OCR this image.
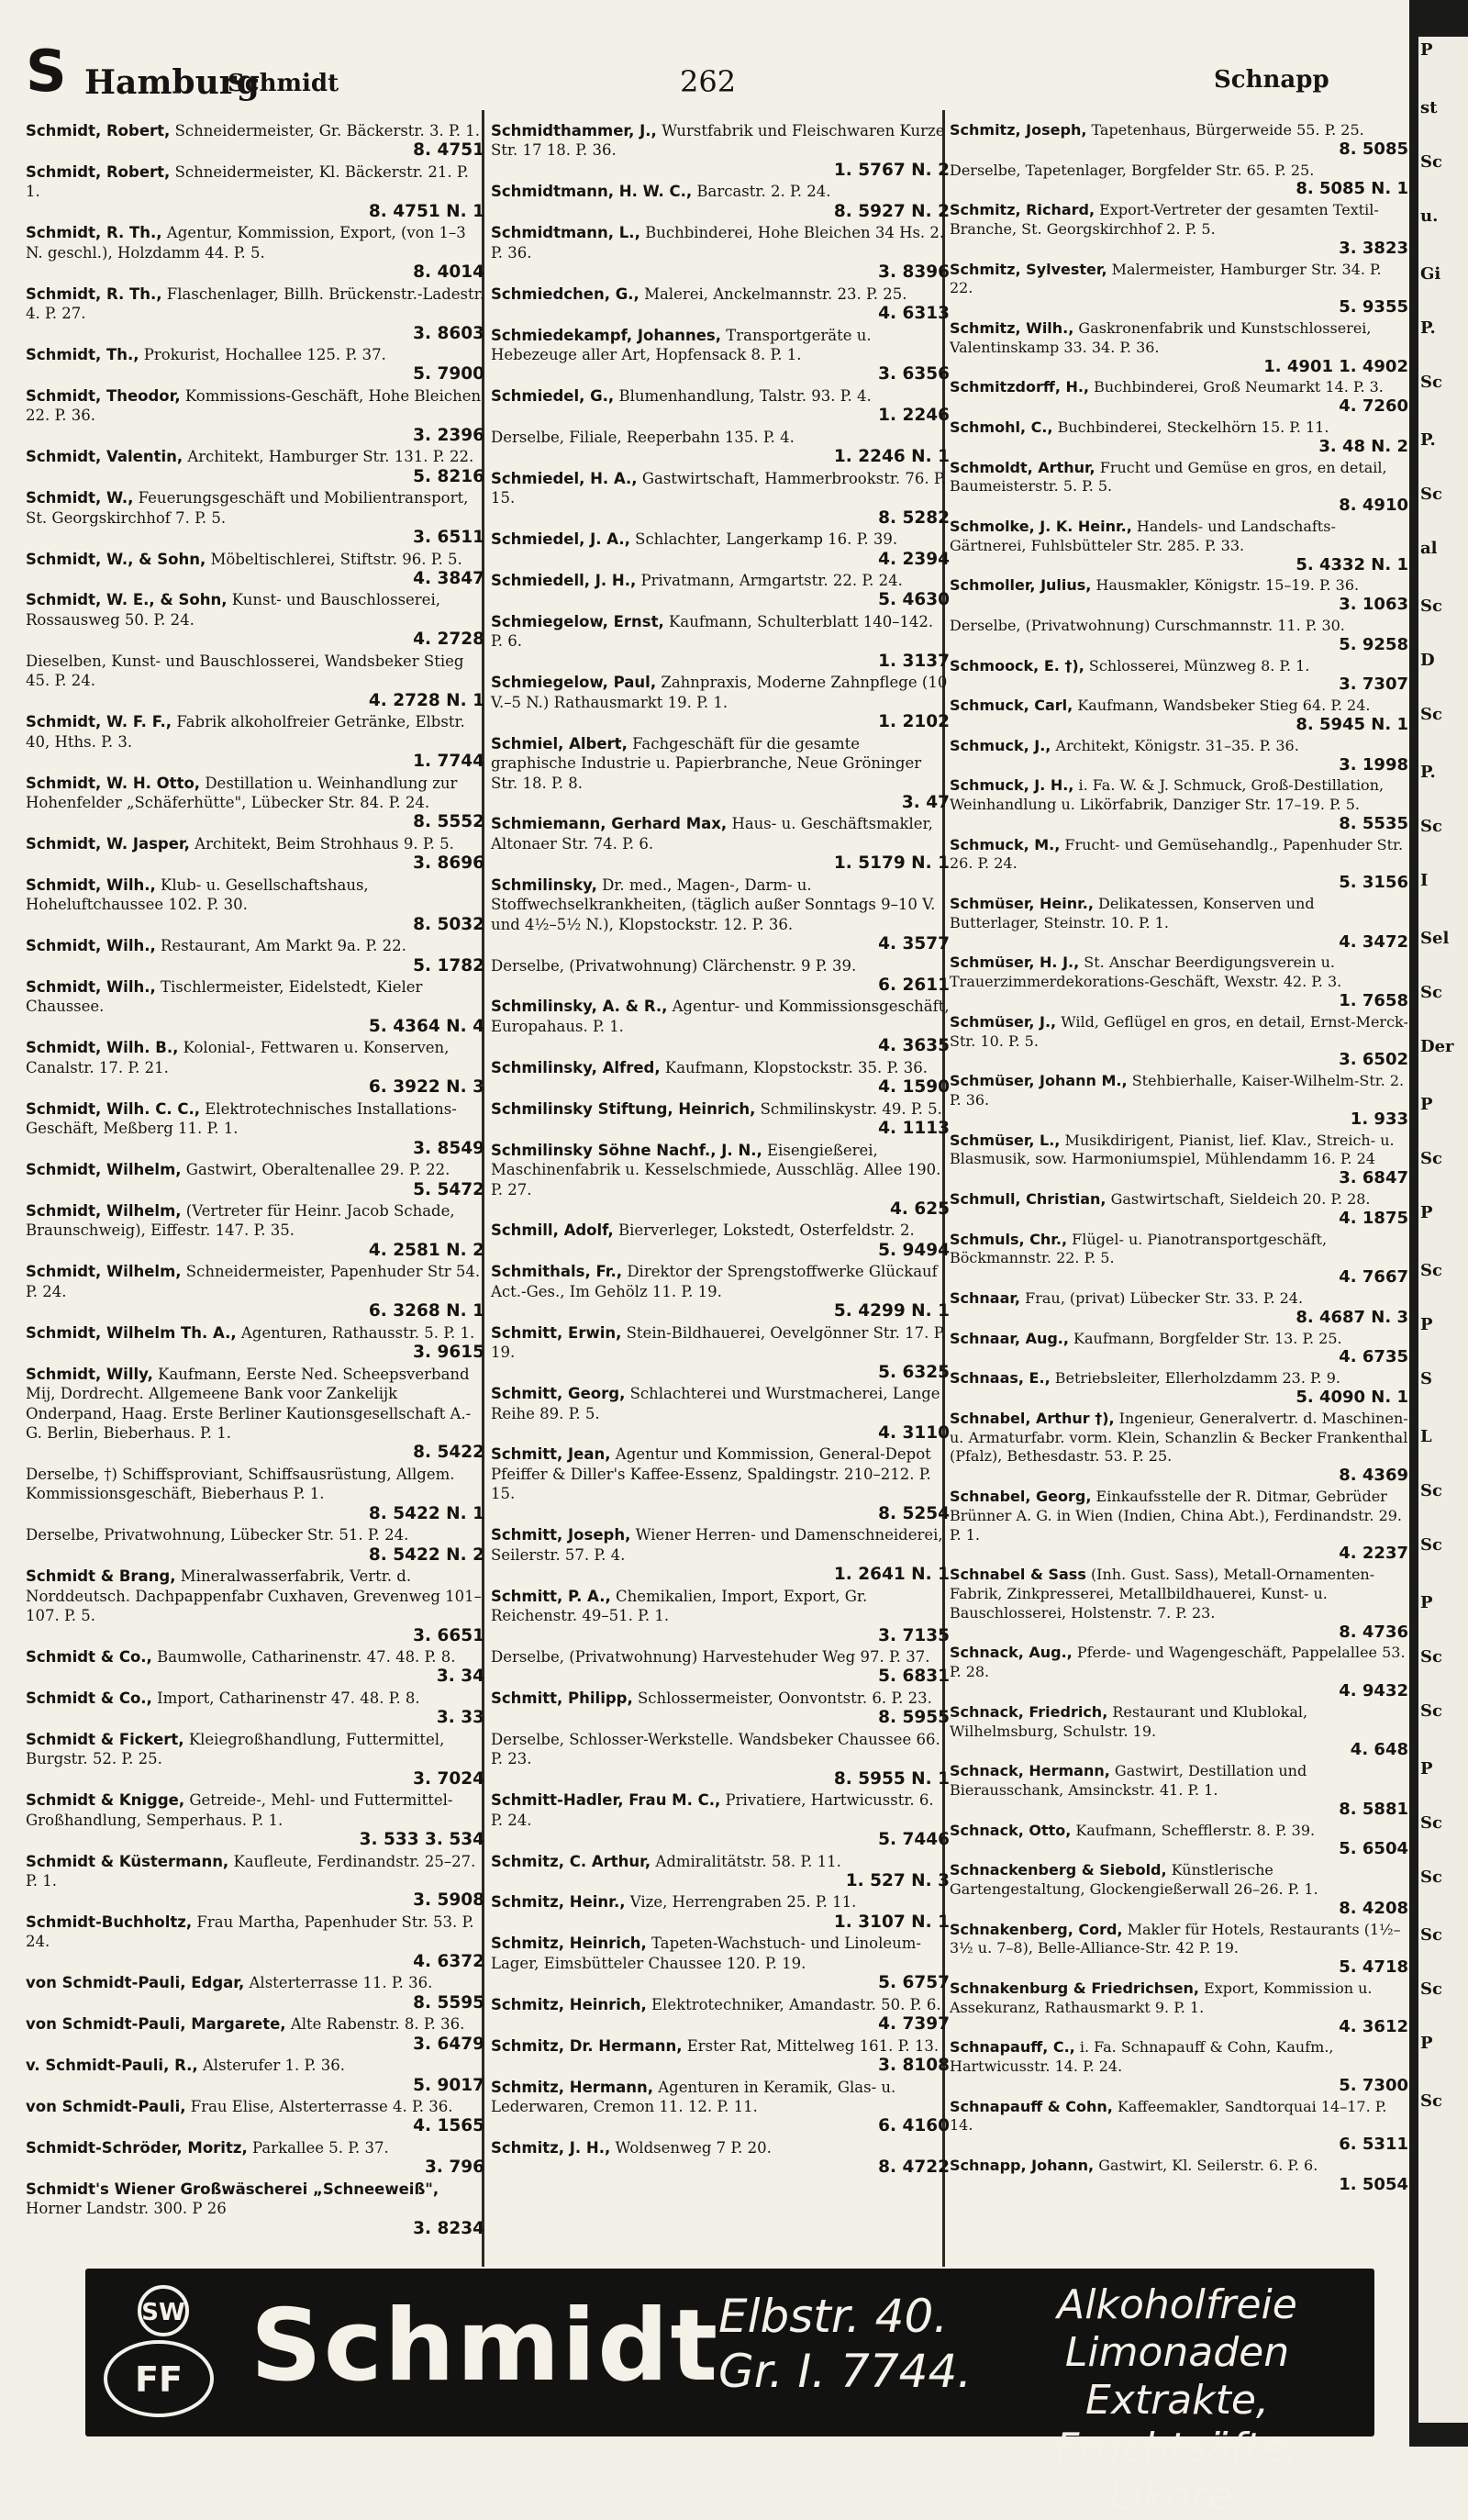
S Hamburg
Schmidt	262	Schnapp
Schmidt, Robert, Schneidermeister, Gr. Bäckerstr. 3. P. 1.
8. 4751
Schmidt, Robert, Schneidermeister, Kl. Bäckerstr. 21. P. 1.
8. 4751 N. 1
Schmidt, R. Th., Agentur, Kommission, Export, (von 1–3 N. geschl.), Holzdamm 44. P. 5.
8. 4014
Schmidt, R. Th., Flaschenlager, Billh. Brückenstr.-Ladestr. 4. P. 27.
3. 8603
Schmidt, Th., Prokurist, Hochallee 125. P. 37.
5. 7900
Schmidt, Theodor, Kommissions-Geschäft, Hohe Bleichen 22. P. 36.
3. 2396
Schmidt, Valentin, Architekt, Hamburger Str. 131. P. 22.
5. 8216
Schmidt, W., Feuerungsgeschäft und Mobilientransport, St. Georgskirchhof 7. P. 5.
3. 6511
Schmidt, W., & Sohn, Möbeltischlerei, Stiftstr. 96. P. 5.
4. 3847
Schmidt, W. E., & Sohn, Kunst- und Bauschlosserei, Rossausweg 50. P. 24.
4. 2728
Dieselben, Kunst- und Bauschlosserei, Wandsbeker Stieg 45. P. 24.
4. 2728 N. 1
Schmidt, W. F. F., Fabrik alkoholfreier Getränke, Elbstr. 40, Hths. P. 3.
1. 7744
Schmidt, W. H. Otto, Destillation u. Weinhandlung zur Hohenfelder „Schäferhütte", Lübecker Str. 84. P. 24.
8. 5552
Schmidt, W. Jasper, Architekt, Beim Strohhaus 9. P. 5.
3. 8696
Schmidt, Wilh., Klub- u. Gesellschaftshaus, Hoheluftchaussee 102. P. 30.
8. 5032
Schmidt, Wilh., Restaurant, Am Markt 9a. P. 22.
5. 1782
Schmidt, Wilh., Tischlermeister, Eidelstedt, Kieler Chaussee.
5. 4364 N. 4
Schmidt, Wilh. B., Kolonial-, Fettwaren u. Konserven, Canalstr. 17. P. 21.
6. 3922 N. 3
Schmidt, Wilh. C. C., Elektrotechnisches Installations-Geschäft, Meßberg 11. P. 1.
3. 8549
Schmidt, Wilhelm, Gastwirt, Oberaltenallee 29. P. 22.
5. 5472
Schmidt, Wilhelm, (Vertreter für Heinr. Jacob Schade, Braunschweig), Eiffestr. 147. P. 35.
4. 2581 N. 2
Schmidt, Wilhelm, Schneidermeister, Papenhuder Str 54. P. 24.
6. 3268 N. 1
Schmidt, Wilhelm Th. A., Agenturen, Rathausstr. 5. P. 1.
3. 9615
Schmidt, Willy, Kaufmann, Eerste Ned. Scheepsverband Mij, Dordrecht. Allgemeene Bank voor Zankelijk Onderpand, Haag. Erste Berliner Kautionsgesellschaft A.-G. Berlin, Bieberhaus. P. 1.
8. 5422
Derselbe, †) Schiffsproviant, Schiffsausrüstung, Allgem. Kommissionsgeschäft, Bieberhaus P. 1.
8. 5422 N. 1
Derselbe, Privatwohnung, Lübecker Str. 51. P. 24.
8. 5422 N. 2
Schmidt & Brang, Mineralwasserfabrik, Vertr. d. Norddeutsch. Dachpappenfabr Cuxhaven, Grevenweg 101–107. P. 5.
3. 6651
Schmidt & Co., Baumwolle, Catharinenstr. 47. 48. P. 8.
3. 34
Schmidt & Co., Import, Catharinenstr 47. 48. P. 8.
3. 33
Schmidt & Fickert, Kleiegroßhandlung, Futtermittel, Burgstr. 52. P. 25.
3. 7024
Schmidt & Knigge, Getreide-, Mehl- und Futtermittel-Großhandlung, Semperhaus. P. 1.
3. 533 3. 534
Schmidt & Küstermann, Kaufleute, Ferdinandstr. 25–27. P. 1.
3. 5908
Schmidt-Buchholtz, Frau Martha, Papenhuder Str. 53. P. 24.
4. 6372
von Schmidt-Pauli, Edgar, Alsterterrasse 11. P. 36.
8. 5595
von Schmidt-Pauli, Margarete, Alte Rabenstr. 8. P. 36.
3. 6479
v. Schmidt-Pauli, R., Alsterufer 1. P. 36.
5. 9017
von Schmidt-Pauli, Frau Elise, Alsterterrasse 4. P. 36.
4. 1565
Schmidt-Schröder, Moritz, Parkallee 5. P. 37.
3. 796
Schmidt's Wiener Großwäscherei „Schneeweiß", Horner Landstr. 300. P 26
3. 8234
Schmidthammer, J., Wurstfabrik und Fleischwaren Kurze Str. 17 18. P. 36.
1. 5767 N. 2
Schmidtmann, H. W. C., Barcastr. 2. P. 24.
8. 5927 N. 2
Schmidtmann, L., Buchbinderei, Hohe Bleichen 34 Hs. 2. P. 36.
3. 8396
Schmiedchen, G., Malerei, Anckelmannstr. 23. P. 25.
4. 6313
Schmiedekampf, Johannes, Transportgeräte u. Hebezeuge aller Art, Hopfensack 8. P. 1.
3. 6356
Schmiedel, G., Blumenhandlung, Talstr. 93. P. 4.
1. 2246
Derselbe, Filiale, Reeperbahn 135. P. 4.
1. 2246 N. 1
Schmiedel, H. A., Gastwirtschaft, Hammerbrookstr. 76. P. 15.
8. 5282
Schmiedel, J. A., Schlachter, Langerkamp 16. P. 39.
4. 2394
Schmiedell, J. H., Privatmann, Armgartstr. 22. P. 24.
5. 4630
Schmiegelow, Ernst, Kaufmann, Schulterblatt 140–142. P. 6.
1. 3137
Schmiegelow, Paul, Zahnpraxis, Moderne Zahnpflege (10 V.–5 N.) Rathausmarkt 19. P. 1.
1. 2102
Schmiel, Albert, Fachgeschäft für die gesamte graphische Industrie u. Papierbranche, Neue Gröninger Str. 18. P. 8.
3. 47
Schmiemann, Gerhard Max, Haus- u. Geschäftsmakler, Altonaer Str. 74. P. 6.
1. 5179 N. 1
Schmilinsky, Dr. med., Magen-, Darm- u. Stoffwechselkrankheiten, (täglich außer Sonntags 9–10 V. und 4½–5½ N.), Klopstockstr. 12. P. 36.
4. 3577
Derselbe, (Privatwohnung) Clärchenstr. 9 P. 39.
6. 2611
Schmilinsky, A. & R., Agentur- und Kommissionsgeschäft, Europahaus. P. 1.
4. 3635
Schmilinsky, Alfred, Kaufmann, Klopstockstr. 35. P. 36.
4. 1590
Schmilinsky Stiftung, Heinrich, Schmilinskystr. 49. P. 5.
4. 1113
Schmilinsky Söhne Nachf., J. N., Eisengießerei, Maschinenfabrik u. Kesselschmiede, Ausschläg. Allee 190. P. 27.
4. 625
Schmill, Adolf, Bierverleger, Lokstedt, Osterfeldstr. 2.
5. 9494
Schmithals, Fr., Direktor der Sprengstoffwerke Glückauf Act.-Ges., Im Gehölz 11. P. 19.
5. 4299 N. 1
Schmitt, Erwin, Stein-Bildhauerei, Oevelgönner Str. 17. P. 19.
5. 6325
Schmitt, Georg, Schlachterei und Wurstmacherei, Lange Reihe 89. P. 5.
4. 3110
Schmitt, Jean, Agentur und Kommission, General-Depot Pfeiffer & Diller's Kaffee-Essenz, Spaldingstr. 210–212. P. 15.
8. 5254
Schmitt, Joseph, Wiener Herren- und Damenschneiderei, Seilerstr. 57. P. 4.
1. 2641 N. 1
Schmitt, P. A., Chemikalien, Import, Export, Gr. Reichenstr. 49–51. P. 1.
3. 7135
Derselbe, (Privatwohnung) Harvestehuder Weg 97. P. 37.
5. 6831
Schmitt, Philipp, Schlossermeister, Oonvontstr. 6. P. 23.
8. 5955
Derselbe, Schlosser-Werkstelle. Wandsbeker Chaussee 66. P. 23.
8. 5955 N. 1
Schmitt-Hadler, Frau M. C., Privatiere, Hartwicusstr. 6. P. 24.
5. 7446
Schmitz, C. Arthur, Admiralitätstr. 58. P. 11.
1. 527 N. 3
Schmitz, Heinr., Vize, Herrengraben 25. P. 11.
1. 3107 N. 1
Schmitz, Heinrich, Tapeten-Wachstuch- und Linoleum-Lager, Eimsbütteler Chaussee 120. P. 19.
5. 6757
Schmitz, Heinrich, Elektrotechniker, Amandastr. 50. P. 6.
4. 7397
Schmitz, Dr. Hermann, Erster Rat, Mittelweg 161. P. 13.
3. 8108
Schmitz, Hermann, Agenturen in Keramik, Glas- u. Lederwaren, Cremon 11. 12. P. 11.
6. 4160
Schmitz, J. H., Woldsenweg 7 P. 20.
8. 4722
Schmitz, Joseph, Tapetenhaus, Bürgerweide 55. P. 25.
8. 5085
Derselbe, Tapetenlager, Borgfelder Str. 65. P. 25.
8. 5085 N. 1
Schmitz, Richard, Export-Vertreter der gesamten Textil-Branche, St. Georgskirchhof 2. P. 5.
3. 3823
Schmitz, Sylvester, Malermeister, Hamburger Str. 34. P. 22.
5. 9355
Schmitz, Wilh., Gaskronenfabrik und Kunstschlosserei, Valentinskamp 33. 34. P. 36.
1. 4901 1. 4902
Schmitzdorff, H., Buchbinderei, Groß Neumarkt 14. P. 3.
4. 7260
Schmohl, C., Buchbinderei, Steckelhörn 15. P. 11.
3. 48 N. 2
Schmoldt, Arthur, Frucht und Gemüse en gros, en detail, Baumeisterstr. 5. P. 5.
8. 4910
Schmolke, J. K. Heinr., Handels- und Landschafts-Gärtnerei, Fuhlsbütteler Str. 285. P. 33.
5. 4332 N. 1
Schmoller, Julius, Hausmakler, Königstr. 15–19. P. 36.
3. 1063
Derselbe, (Privatwohnung) Curschmannstr. 11. P. 30.
5. 9258
Schmoock, E. †), Schlosserei, Münzweg 8. P. 1.
3. 7307
Schmuck, Carl, Kaufmann, Wandsbeker Stieg 64. P. 24.
8. 5945 N. 1
Schmuck, J., Architekt, Königstr. 31–35. P. 36.
3. 1998
Schmuck, J. H., i. Fa. W. & J. Schmuck, Groß-Destillation, Weinhandlung u. Likörfabrik, Danziger Str. 17–19. P. 5.
8. 5535
Schmuck, M., Frucht- und Gemüsehandlg., Papenhuder Str. 26. P. 24.
5. 3156
Schmüser, Heinr., Delikatessen, Konserven und Butterlager, Steinstr. 10. P. 1.
4. 3472
Schmüser, H. J., St. Anschar Beerdigungsverein u. Trauerzimmerdekorations-Geschäft, Wexstr. 42. P. 3.
1. 7658
Schmüser, J., Wild, Geflügel en gros, en detail, Ernst-Merck-Str. 10. P. 5.
3. 6502
Schmüser, Johann M., Stehbierhalle, Kaiser-Wilhelm-Str. 2. P. 36.
1. 933
Schmüser, L., Musikdirigent, Pianist, lief. Klav., Streich- u. Blasmusik, sow. Harmoniumspiel, Mühlendamm 16. P. 24
3. 6847
Schmull, Christian, Gastwirtschaft, Sieldeich 20. P. 28.
4. 1875
Schmuls, Chr., Flügel- u. Pianotransportgeschäft, Böckmannstr. 22. P. 5.
4. 7667
Schnaar, Frau, (privat) Lübecker Str. 33. P. 24.
8. 4687 N. 3
Schnaar, Aug., Kaufmann, Borgfelder Str. 13. P. 25.
4. 6735
Schnaas, E., Betriebsleiter, Ellerholzdamm 23. P. 9.
5. 4090 N. 1
Schnabel, Arthur †), Ingenieur, Generalvertr. d. Maschinen- u. Armaturfabr. vorm. Klein, Schanzlin & Becker Frankenthal (Pfalz), Bethesdastr. 53. P. 25.
8. 4369
Schnabel, Georg, Einkaufsstelle der R. Ditmar, Gebrüder Brünner A. G. in Wien (Indien, China Abt.), Ferdinandstr. 29. P. 1.
4. 2237
Schnabel & Sass (Inh. Gust. Sass), Metall-Ornamenten-Fabrik, Zinkpresserei, Metallbildhauerei, Kunst- u. Bauschlosserei, Holstenstr. 7. P. 23.
8. 4736
Schnack, Aug., Pferde- und Wagengeschäft, Pappelallee 53. P. 28.
4. 9432
Schnack, Friedrich, Restaurant und Klublokal, Wilhelmsburg, Schulstr. 19.
4. 648
Schnack, Hermann, Gastwirt, Destillation und Bierausschank, Amsinckstr. 41. P. 1.
8. 5881
Schnack, Otto, Kaufmann, Schefflerstr. 8. P. 39.
5. 6504
Schnackenberg & Siebold, Künstlerische Gartengestaltung, Glockengießerwall 26–26. P. 1.
8. 4208
Schnakenberg, Cord, Makler für Hotels, Restaurants (1½–3½ u. 7–8), Belle-Alliance-Str. 42 P. 19.
5. 4718
Schnakenburg & Friedrichsen, Export, Kommission u. Assekuranz, Rathausmarkt 9. P. 1.
4. 3612
Schnapauff, C., i. Fa. Schnapauff & Cohn, Kaufm., Hartwicusstr. 14. P. 24.
5. 7300
Schnapauff & Cohn, Kaffeemakler, Sandtorquai 14–17. P. 14.
6. 5311
Schnapp, Johann, Gastwirt, Kl. Seilerstr. 6. P. 6.
1. 5054
P
st
Sc
u.
Gi
P.
Sc
P.
Sc
al
Sc
D
Sc
P.
Sc
I
Sel
Sc
Der
P
Sc
P
Sc
P
S
L
Sc
Sc
P
Sc
Sc
P
Sc
Sc
Sc
Sc
P
Sc
SW
FF Schmidt
Elbstr. 40.
Gr. I. 7744.
Alkoholfreie
Limonaden Extrakte,
Fruchtsäfte, Liköre.
